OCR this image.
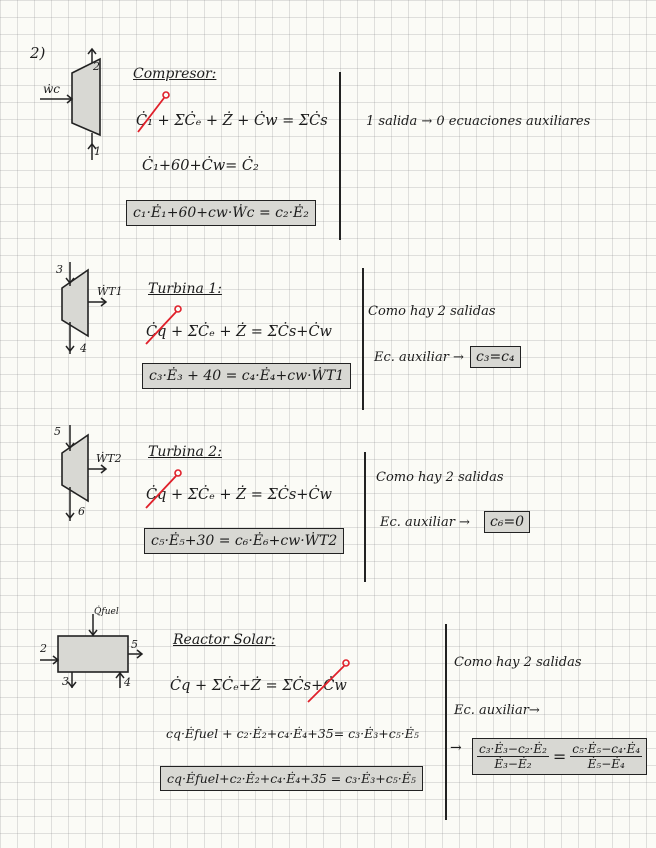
2)
2
1
ẇc
Compresor:
Ċ₁ + ΣĊₑ + Ż + Ċw = ΣĊs
Ċ₁+60+Ċw= Ċ₂
c₁·Ė₁+60+cw·Ẇc = c₂·Ė₂
1 salida → 0 ecuaciones auxiliares
3
4
ẆT1 Turbina 1:
Ċq + ΣĊₑ + Ż = ΣĊs+Ċw
c₃·Ė₃ + 40 = c₄·Ė₄+cw·ẆT1
Como hay 2 salidas
Ec. auxiliar → c₃=c₄
5
6
ẆT2 Turbina 2:
Ċq + ΣĊₑ + Ż = ΣĊs+Ċw
c₅·Ė₅+30 = c₆·Ė₆+cw·ẆT2
Como hay 2 salidas
Ec. auxiliar →	c₆=0
Q̇fuel
2
3	4
5	Reactor Solar:
Ċq + ΣĊₑ+Ż = ΣĊs+Ċw
cq·Ėfuel + c₂·Ė₂+c₄·Ė₄+35= c₃·Ė₃+c₅·Ė₅
cq·Ėfuel+c₂·Ė₂+c₄·Ė₄+35 = c₃·Ė₃+c₅·Ė₅
Como hay 2 salidas
Ec. auxiliar→
→ $\frac{\text{c₃·Ė₃−c₂·Ė₂}}{\text{Ė₃−Ė₂}} = \frac{\text{c₅·Ė₅−c₄·Ė₄}}{\text{Ė₅−Ė₄}}$
